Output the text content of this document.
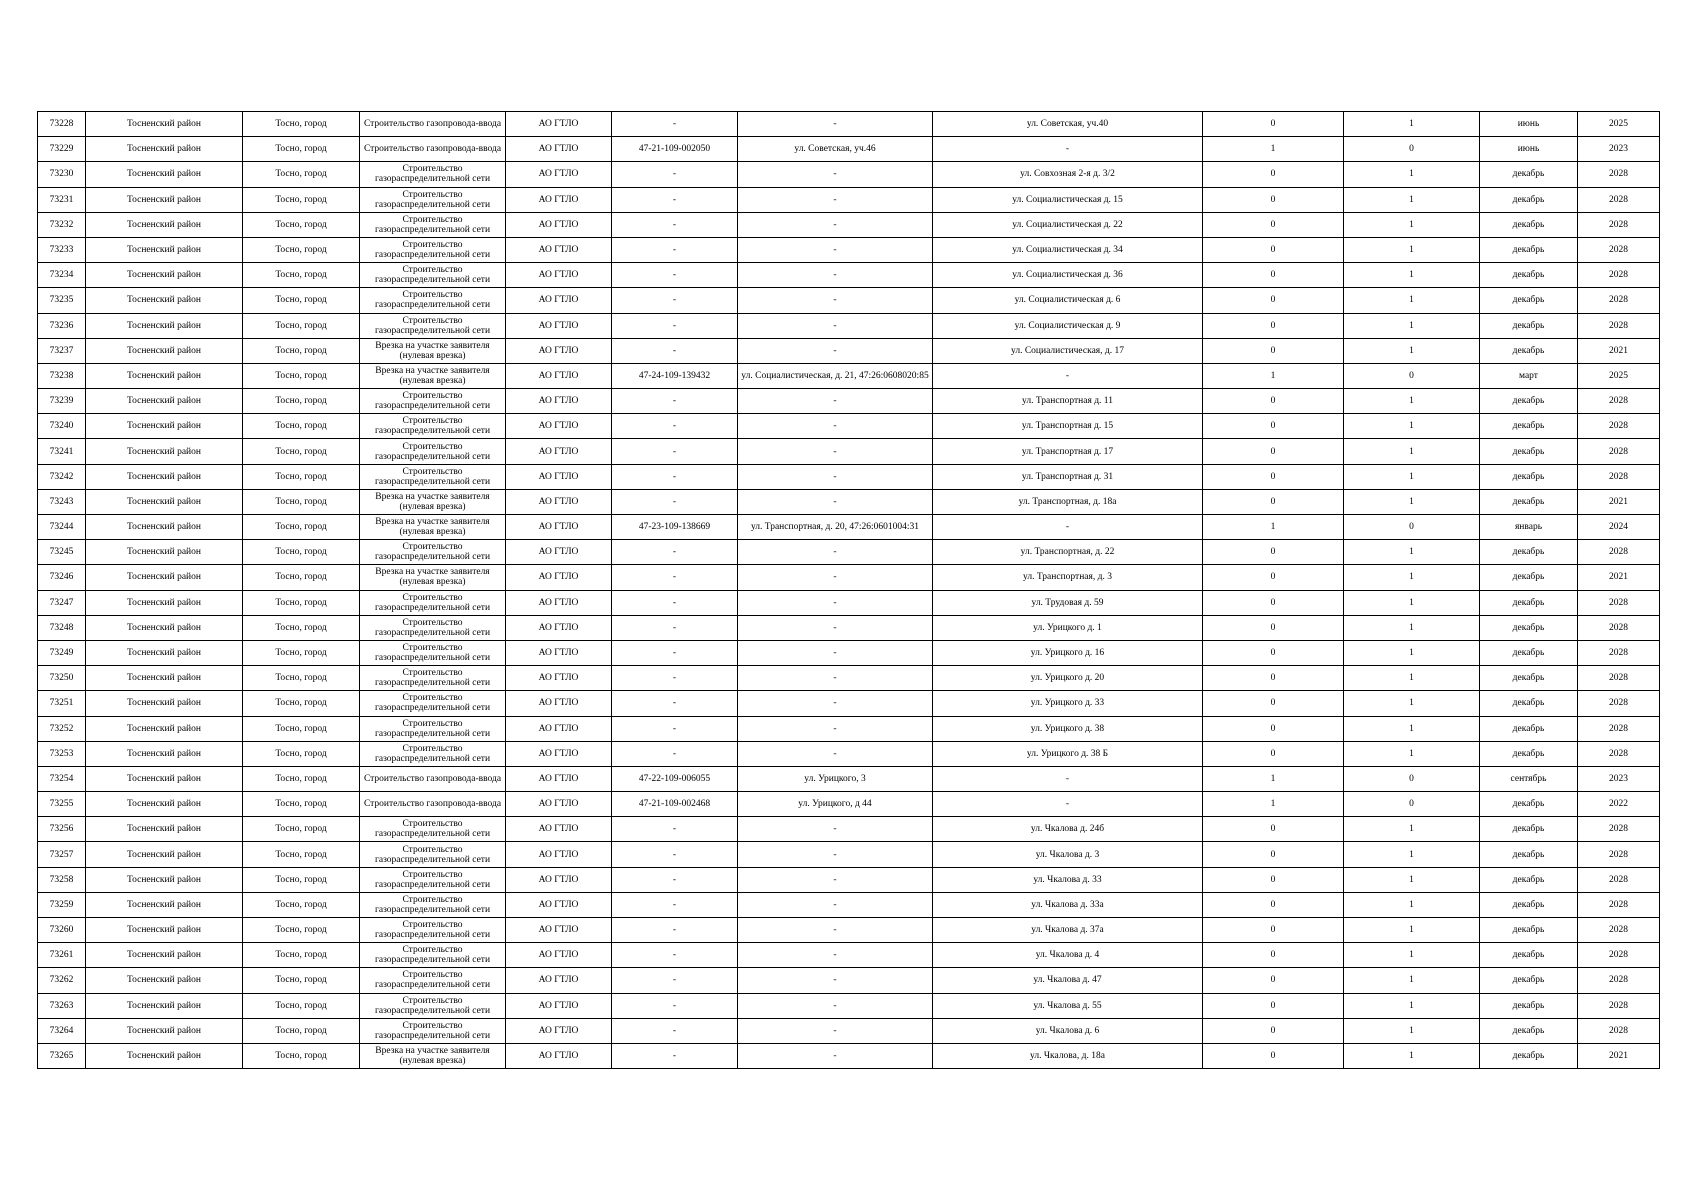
73228	Тосненский район	Тосно, город	Строительство газопровода-ввода	АО ГТЛО	-	-	ул. Советская, уч.40	0	1	июнь	2025
73229	Тосненский район	Тосно, город	Строительство газопровода-ввода	АО ГТЛО	47-21-109-002050	ул. Советская, уч.46	-	1	0	июнь	2023
73230	Тосненский район	Тосно, город	Строительство газораспределительной сети	АО ГТЛО	-	-	ул. Совхозная 2-я д. 3/2	0	1	декабрь	2028
73231	Тосненский район	Тосно, город	Строительство газораспределительной сети	АО ГТЛО	-	-	ул. Социалистическая д. 15	0	1	декабрь	2028
73232	Тосненский район	Тосно, город	Строительство газораспределительной сети	АО ГТЛО	-	-	ул. Социалистическая д. 22	0	1	декабрь	2028
73233	Тосненский район	Тосно, город	Строительство газораспределительной сети	АО ГТЛО	-	-	ул. Социалистическая д. 34	0	1	декабрь	2028
73234	Тосненский район	Тосно, город	Строительство газораспределительной сети	АО ГТЛО	-	-	ул. Социалистическая д. 36	0	1	декабрь	2028
73235	Тосненский район	Тосно, город	Строительство газораспределительной сети	АО ГТЛО	-	-	ул. Социалистическая д. 6	0	1	декабрь	2028
73236	Тосненский район	Тосно, город	Строительство газораспределительной сети	АО ГТЛО	-	-	ул. Социалистическая д. 9	0	1	декабрь	2028
73237	Тосненский район	Тосно, город	Врезка на участке заявителя (нулевая врезка)	АО ГТЛО	-	-	ул. Социалистическая, д. 17	0	1	декабрь	2021
73238	Тосненский район	Тосно, город	Врезка на участке заявителя (нулевая врезка)	АО ГТЛО	47-24-109-139432	ул. Социалистическая, д. 21, 47:26:0608020:85	-	1	0	март	2025
73239	Тосненский район	Тосно, город	Строительство газораспределительной сети	АО ГТЛО	-	-	ул. Транспортная д. 11	0	1	декабрь	2028
73240	Тосненский район	Тосно, город	Строительство газораспределительной сети	АО ГТЛО	-	-	ул. Транспортная д. 15	0	1	декабрь	2028
73241	Тосненский район	Тосно, город	Строительство газораспределительной сети	АО ГТЛО	-	-	ул. Транспортная д. 17	0	1	декабрь	2028
73242	Тосненский район	Тосно, город	Строительство газораспределительной сети	АО ГТЛО	-	-	ул. Транспортная д. 31	0	1	декабрь	2028
73243	Тосненский район	Тосно, город	Врезка на участке заявителя (нулевая врезка)	АО ГТЛО	-	-	ул. Транспортная, д. 18а	0	1	декабрь	2021
73244	Тосненский район	Тосно, город	Врезка на участке заявителя (нулевая врезка)	АО ГТЛО	47-23-109-138669	ул. Транспортная, д. 20, 47:26:0601004:31	-	1	0	январь	2024
73245	Тосненский район	Тосно, город	Строительство газораспределительной сети	АО ГТЛО	-	-	ул. Транспортная, д. 22	0	1	декабрь	2028
73246	Тосненский район	Тосно, город	Врезка на участке заявителя (нулевая врезка)	АО ГТЛО	-	-	ул. Транспортная, д. 3	0	1	декабрь	2021
73247	Тосненский район	Тосно, город	Строительство газораспределительной сети	АО ГТЛО	-	-	ул. Трудовая д. 59	0	1	декабрь	2028
73248	Тосненский район	Тосно, город	Строительство газораспределительной сети	АО ГТЛО	-	-	ул. Урицкого д. 1	0	1	декабрь	2028
73249	Тосненский район	Тосно, город	Строительство газораспределительной сети	АО ГТЛО	-	-	ул. Урицкого д. 16	0	1	декабрь	2028
73250	Тосненский район	Тосно, город	Строительство газораспределительной сети	АО ГТЛО	-	-	ул. Урицкого д. 20	0	1	декабрь	2028
73251	Тосненский район	Тосно, город	Строительство газораспределительной сети	АО ГТЛО	-	-	ул. Урицкого д. 33	0	1	декабрь	2028
73252	Тосненский район	Тосно, город	Строительство газораспределительной сети	АО ГТЛО	-	-	ул. Урицкого д. 38	0	1	декабрь	2028
73253	Тосненский район	Тосно, город	Строительство газораспределительной сети	АО ГТЛО	-	-	ул. Урицкого д. 38 Б	0	1	декабрь	2028
73254	Тосненский район	Тосно, город	Строительство газопровода-ввода	АО ГТЛО	47-22-109-006055	ул. Урицкого, 3	-	1	0	сентябрь	2023
73255	Тосненский район	Тосно, город	Строительство газопровода-ввода	АО ГТЛО	47-21-109-002468	ул. Урицкого, д 44	-	1	0	декабрь	2022
73256	Тосненский район	Тосно, город	Строительство газораспределительной сети	АО ГТЛО	-	-	ул. Чкалова д. 24б	0	1	декабрь	2028
73257	Тосненский район	Тосно, город	Строительство газораспределительной сети	АО ГТЛО	-	-	ул. Чкалова д. 3	0	1	декабрь	2028
73258	Тосненский район	Тосно, город	Строительство газораспределительной сети	АО ГТЛО	-	-	ул. Чкалова д. 33	0	1	декабрь	2028
73259	Тосненский район	Тосно, город	Строительство газораспределительной сети	АО ГТЛО	-	-	ул. Чкалова д. 33а	0	1	декабрь	2028
73260	Тосненский район	Тосно, город	Строительство газораспределительной сети	АО ГТЛО	-	-	ул. Чкалова д. 37а	0	1	декабрь	2028
73261	Тосненский район	Тосно, город	Строительство газораспределительной сети	АО ГТЛО	-	-	ул. Чкалова д. 4	0	1	декабрь	2028
73262	Тосненский район	Тосно, город	Строительство газораспределительной сети	АО ГТЛО	-	-	ул. Чкалова д. 47	0	1	декабрь	2028
73263	Тосненский район	Тосно, город	Строительство газораспределительной сети	АО ГТЛО	-	-	ул. Чкалова д. 55	0	1	декабрь	2028
73264	Тосненский район	Тосно, город	Строительство газораспределительной сети	АО ГТЛО	-	-	ул. Чкалова д. 6	0	1	декабрь	2028
73265	Тосненский район	Тосно, город	Врезка на участке заявителя (нулевая врезка)	АО ГТЛО	-	-	ул. Чкалова, д. 18а	0	1	декабрь	2021
